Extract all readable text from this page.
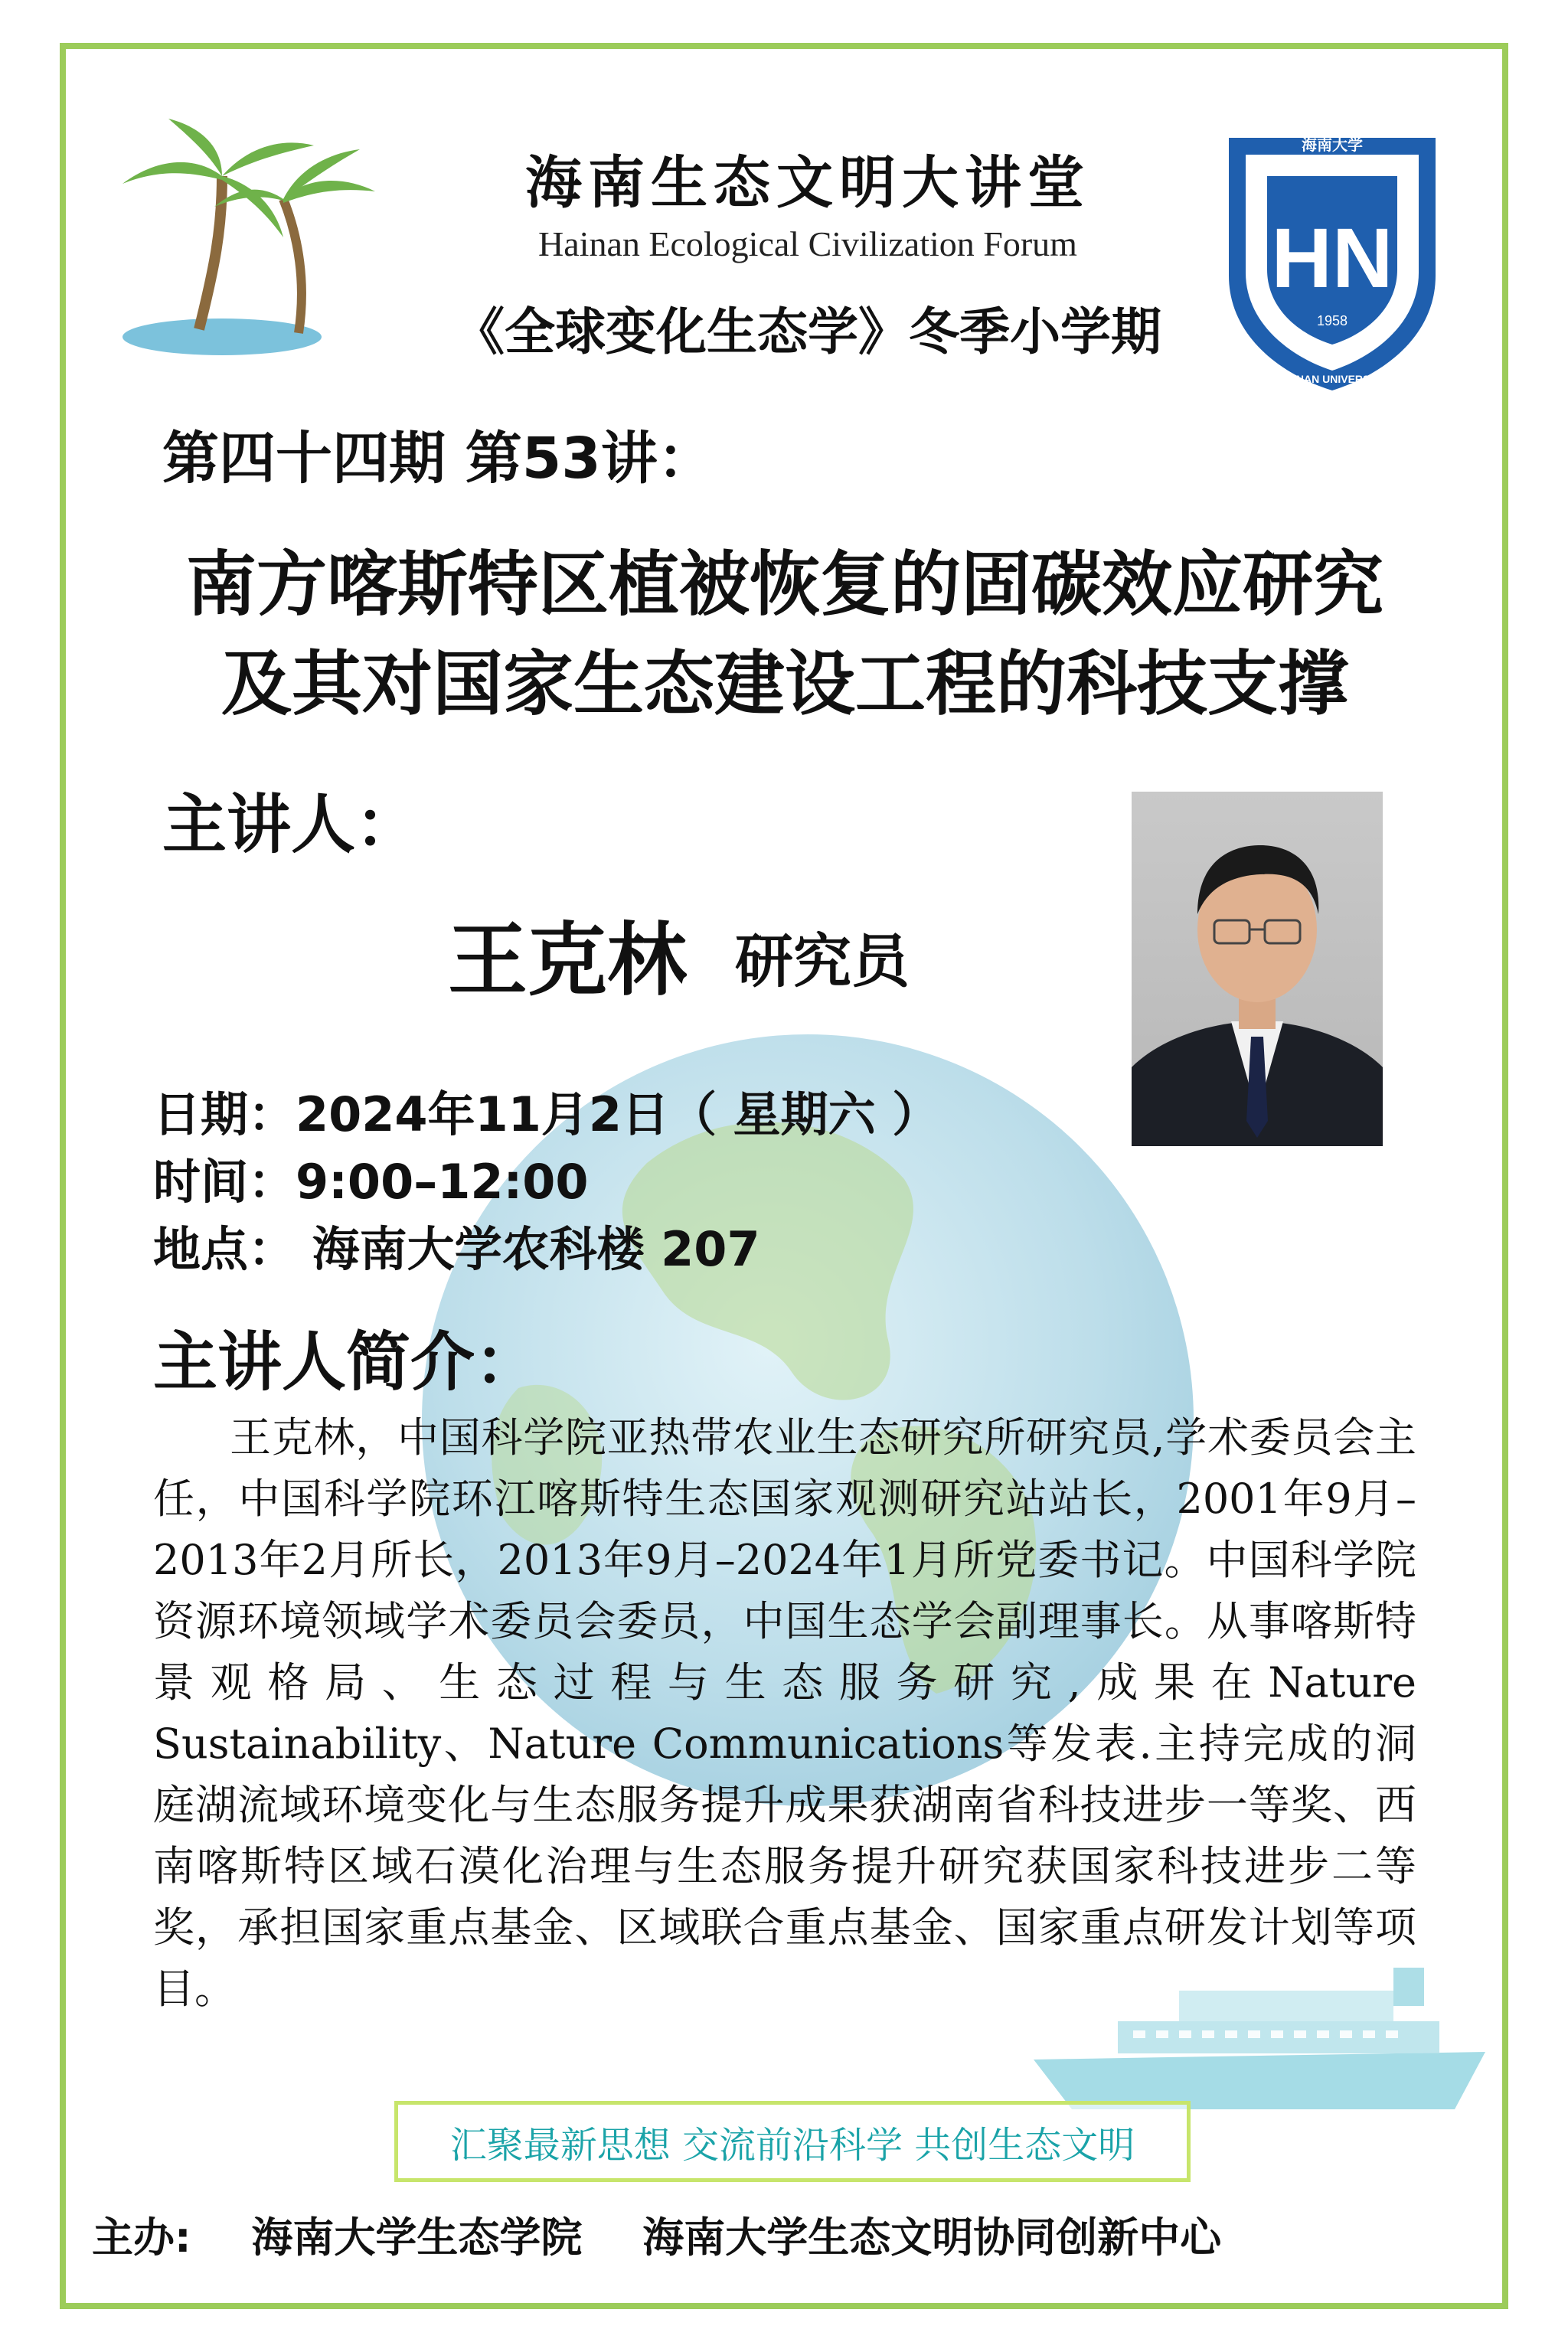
HN
1958
海南大学
HAINAN UNIVERSITY
海南生态文明大讲堂
Hainan Ecological Civilization Forum
《全球变化生态学》冬季小学期
第四十四期 第53讲：
南方喀斯特区植被恢复的固碳效应研究
及其对国家生态建设工程的科技支撑
主讲人：
王克林 研究员
日期：2024年11月2日（ 星期六 ）
时间：9:00–12:00
地点： 海南大学农科楼 207
主讲人简介：
王克林，中国科学院亚热带农业生态研究所研究员,学术委员会主任，中国科学院环江喀斯特生态国家观测研究站站长，2001年9月–2013年2月所长，2013年9月–2024年1月所党委书记。中国科学院资源环境领域学术委员会委员，中国生态学会副理事长。从事喀斯特景观格局、生态过程与生态服务研究,成果在Nature Sustainability、Nature Communications等发表.主持完成的洞庭湖流域环境变化与生态服务提升成果获湖南省科技进步一等奖、西南喀斯特区域石漠化治理与生态服务提升研究获国家科技进步二等奖，承担国家重点基金、区域联合重点基金、国家重点研发计划等项目。
汇聚最新思想 交流前沿科学 共创生态文明
主办: 海南大学生态学院 海南大学生态文明协同创新中心
